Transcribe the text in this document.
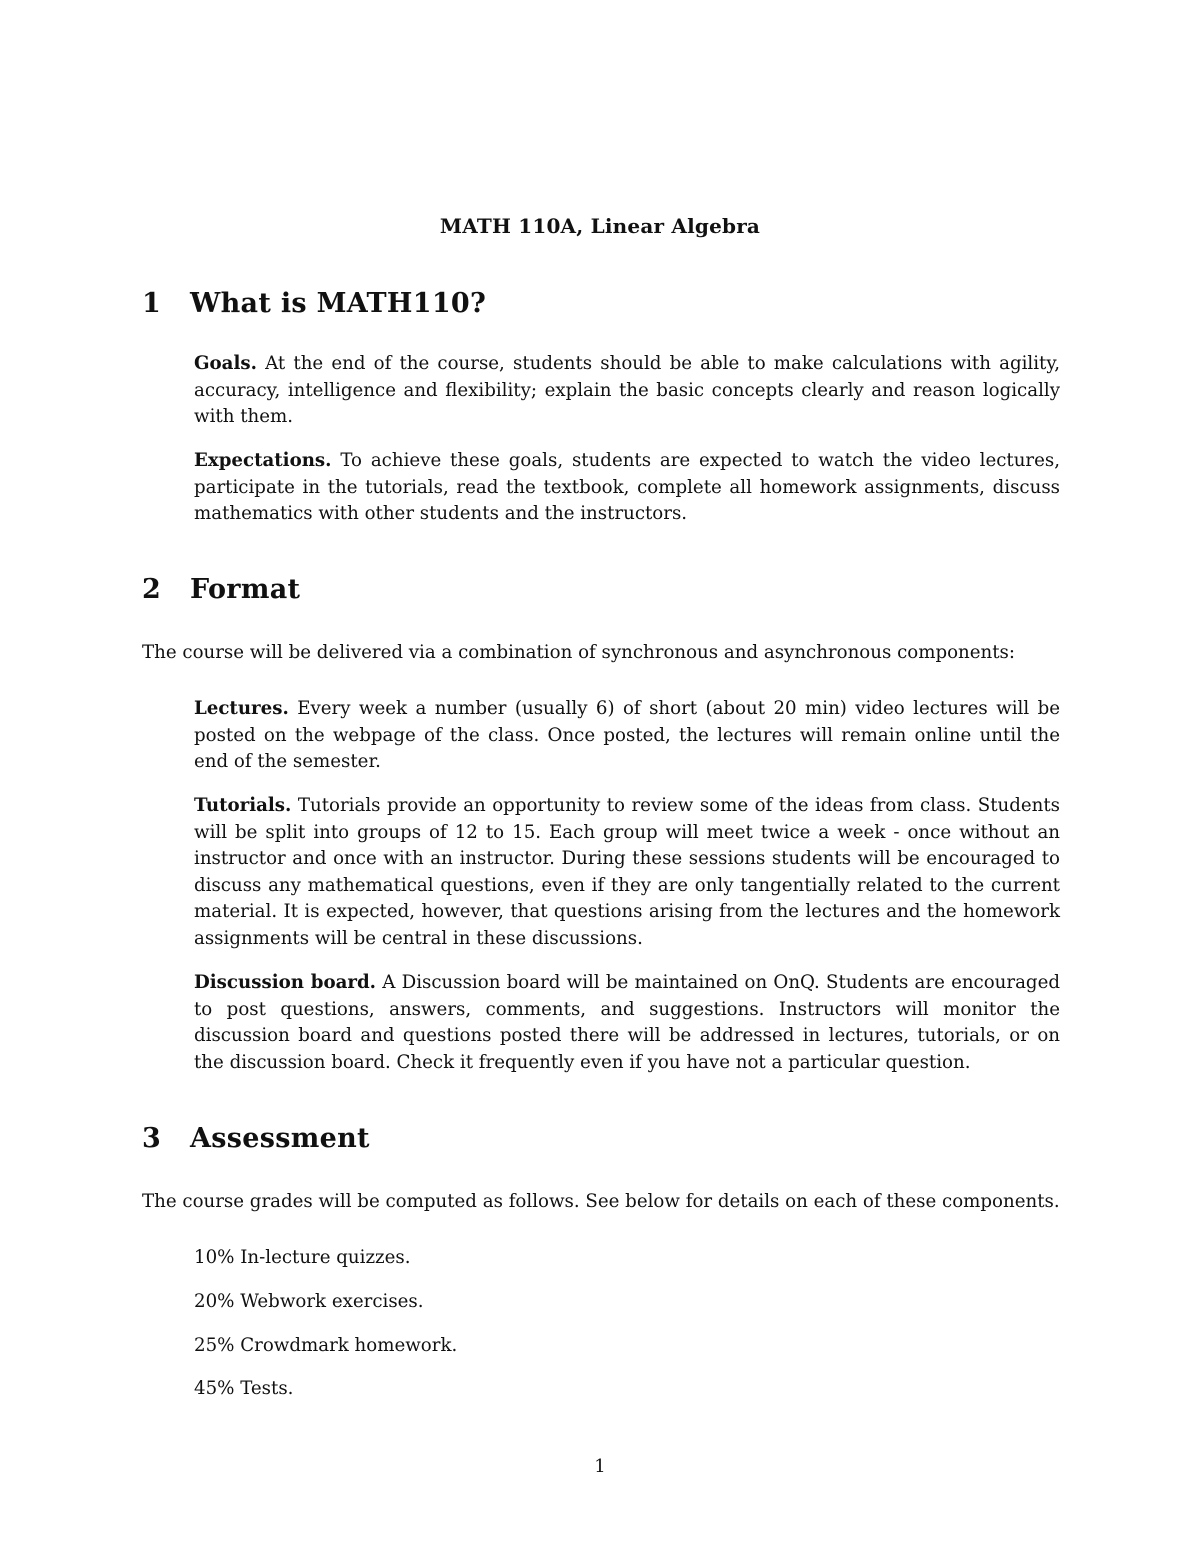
MATH 110A, Linear Algebra
1 What is MATH110?
Goals. At the end of the course, students should be able to make calculations with agility, accuracy, intelligence and flexibility; explain the basic concepts clearly and reason logically with them.
Expectations. To achieve these goals, students are expected to watch the video lectures, participate in the tutorials, read the textbook, complete all homework assignments, discuss mathematics with other students and the instructors.
2 Format
The course will be delivered via a combination of synchronous and asynchronous components:
Lectures. Every week a number (usually 6) of short (about 20 min) video lectures will be posted on the webpage of the class. Once posted, the lectures will remain online until the end of the semester.
Tutorials. Tutorials provide an opportunity to review some of the ideas from class. Students will be split into groups of 12 to 15. Each group will meet twice a week - once without an instructor and once with an instructor. During these sessions students will be encouraged to discuss any mathematical questions, even if they are only tangentially related to the current material. It is expected, however, that questions arising from the lectures and the homework assignments will be central in these discussions.
Discussion board. A Discussion board will be maintained on OnQ. Students are encouraged to post questions, answers, comments, and suggestions. Instructors will monitor the discussion board and questions posted there will be addressed in lectures, tutorials, or on the discussion board. Check it frequently even if you have not a particular question.
3 Assessment
The course grades will be computed as follows. See below for details on each of these components.
10% In-lecture quizzes.
20% Webwork exercises.
25% Crowdmark homework.
45% Tests.
1
